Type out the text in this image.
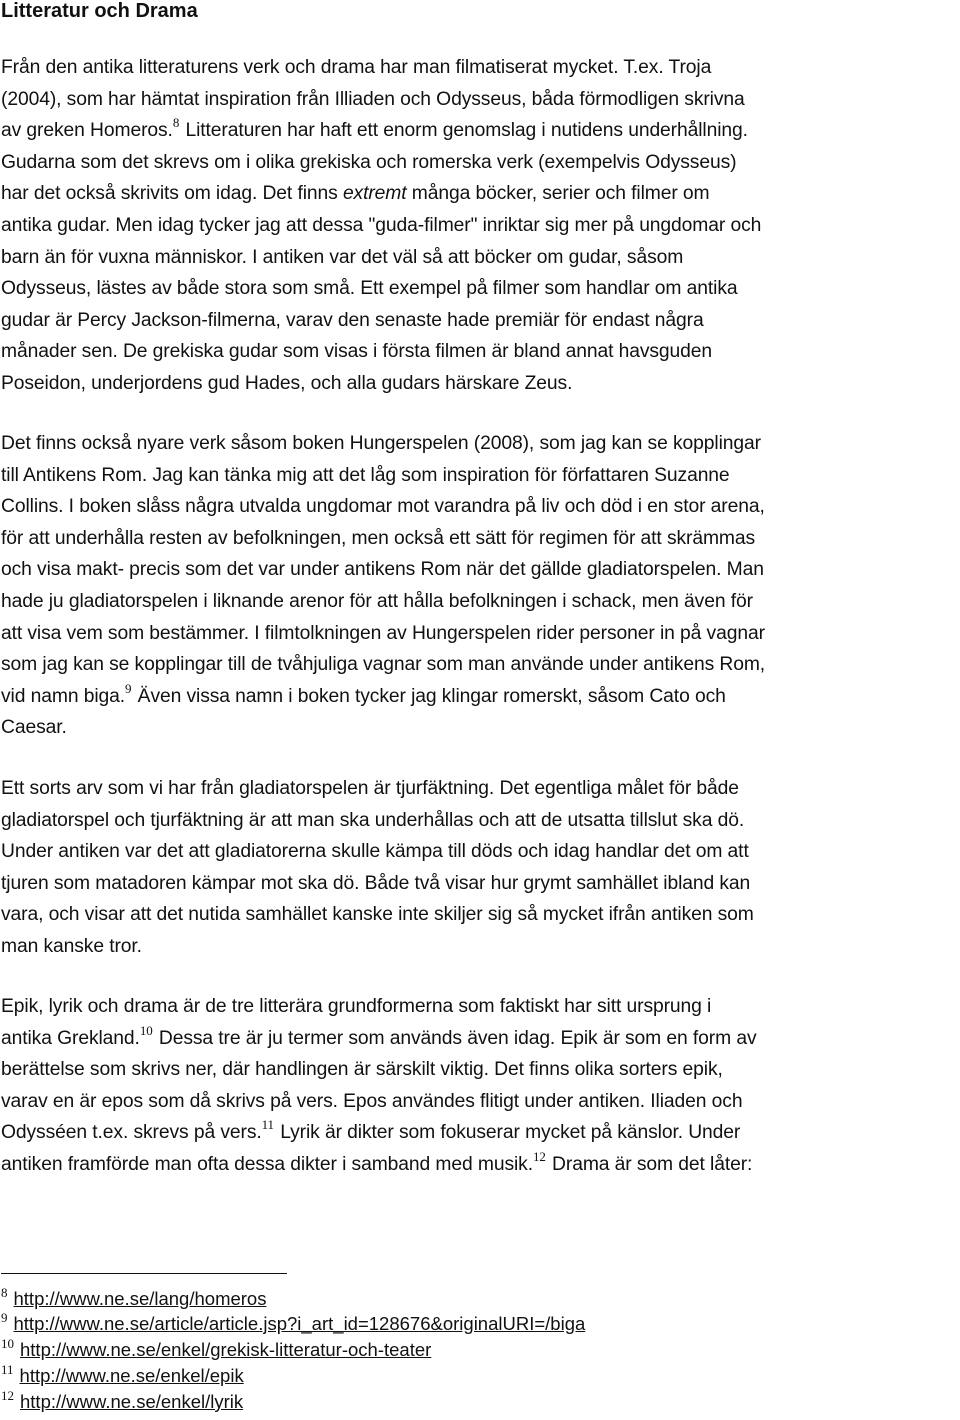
Litteratur och Drama
Från den antika litteraturens verk och drama har man filmatiserat mycket. T.ex. Troja
(2004), som har hämtat inspiration från Illiaden och Odysseus, båda förmodligen skrivna
av greken Homeros.$^8$ Litteraturen har haft ett enorm genomslag i nutidens underhållning.
Gudarna som det skrevs om i olika grekiska och romerska verk (exempelvis Odysseus)
har det också skrivits om idag. Det finns extremt många böcker, serier och filmer om
antika gudar. Men idag tycker jag att dessa "guda-filmer" inriktar sig mer på ungdomar och
barn än för vuxna människor. I antiken var det väl så att böcker om gudar, såsom
Odysseus, lästes av både stora som små. Ett exempel på filmer som handlar om antika
gudar är Percy Jackson-filmerna, varav den senaste hade premiär för endast några
månader sen. De grekiska gudar som visas i första filmen är bland annat havsguden
Poseidon, underjordens gud Hades, och alla gudars härskare Zeus.
Det finns också nyare verk såsom boken Hungerspelen (2008), som jag kan se kopplingar
till Antikens Rom. Jag kan tänka mig att det låg som inspiration för författaren Suzanne
Collins. I boken slåss några utvalda ungdomar mot varandra på liv och död i en stor arena,
för att underhålla resten av befolkningen, men också ett sätt för regimen för att skrämmas
och visa makt- precis som det var under antikens Rom när det gällde gladiatorspelen. Man
hade ju gladiatorspelen i liknande arenor för att hålla befolkningen i schack, men även för
att visa vem som bestämmer. I filmtolkningen av Hungerspelen rider personer in på vagnar
som jag kan se kopplingar till de tvåhjuliga vagnar som man använde under antikens Rom,
vid namn biga.$^9$ Även vissa namn i boken tycker jag klingar romerskt, såsom Cato och
Caesar.
Ett sorts arv som vi har från gladiatorspelen är tjurfäktning. Det egentliga målet för både
gladiatorspel och tjurfäktning är att man ska underhållas och att de utsatta tillslut ska dö.
Under antiken var det att gladiatorerna skulle kämpa till döds och idag handlar det om att
tjuren som matadoren kämpar mot ska dö. Både två visar hur grymt samhället ibland kan
vara, och visar att det nutida samhället kanske inte skiljer sig så mycket ifrån antiken som
man kanske tror.
Epik, lyrik och drama är de tre litterära grundformerna som faktiskt har sitt ursprung i
antika Grekland.$^{10}$ Dessa tre är ju termer som används även idag. Epik är som en form av
berättelse som skrivs ner, där handlingen är särskilt viktig. Det finns olika sorters epik,
varav en är epos som då skrivs på vers. Epos användes flitigt under antiken. Iliaden och
Odysséen t.ex. skrevs på vers.$^{11}$ Lyrik är dikter som fokuserar mycket på känslor. Under
antiken framförde man ofta dessa dikter i samband med musik.$^{12}$ Drama är som det låter:

$^8$ http://www.ne.se/lang/homeros

$^9$ http://www.ne.se/article/article.jsp?i_art_id=128676&originalURI=/biga

$^{10}$ http://www.ne.se/enkel/grekisk-litteratur-och-teater

$^{11}$ http://www.ne.se/enkel/epik

$^{12}$ http://www.ne.se/enkel/lyrik
